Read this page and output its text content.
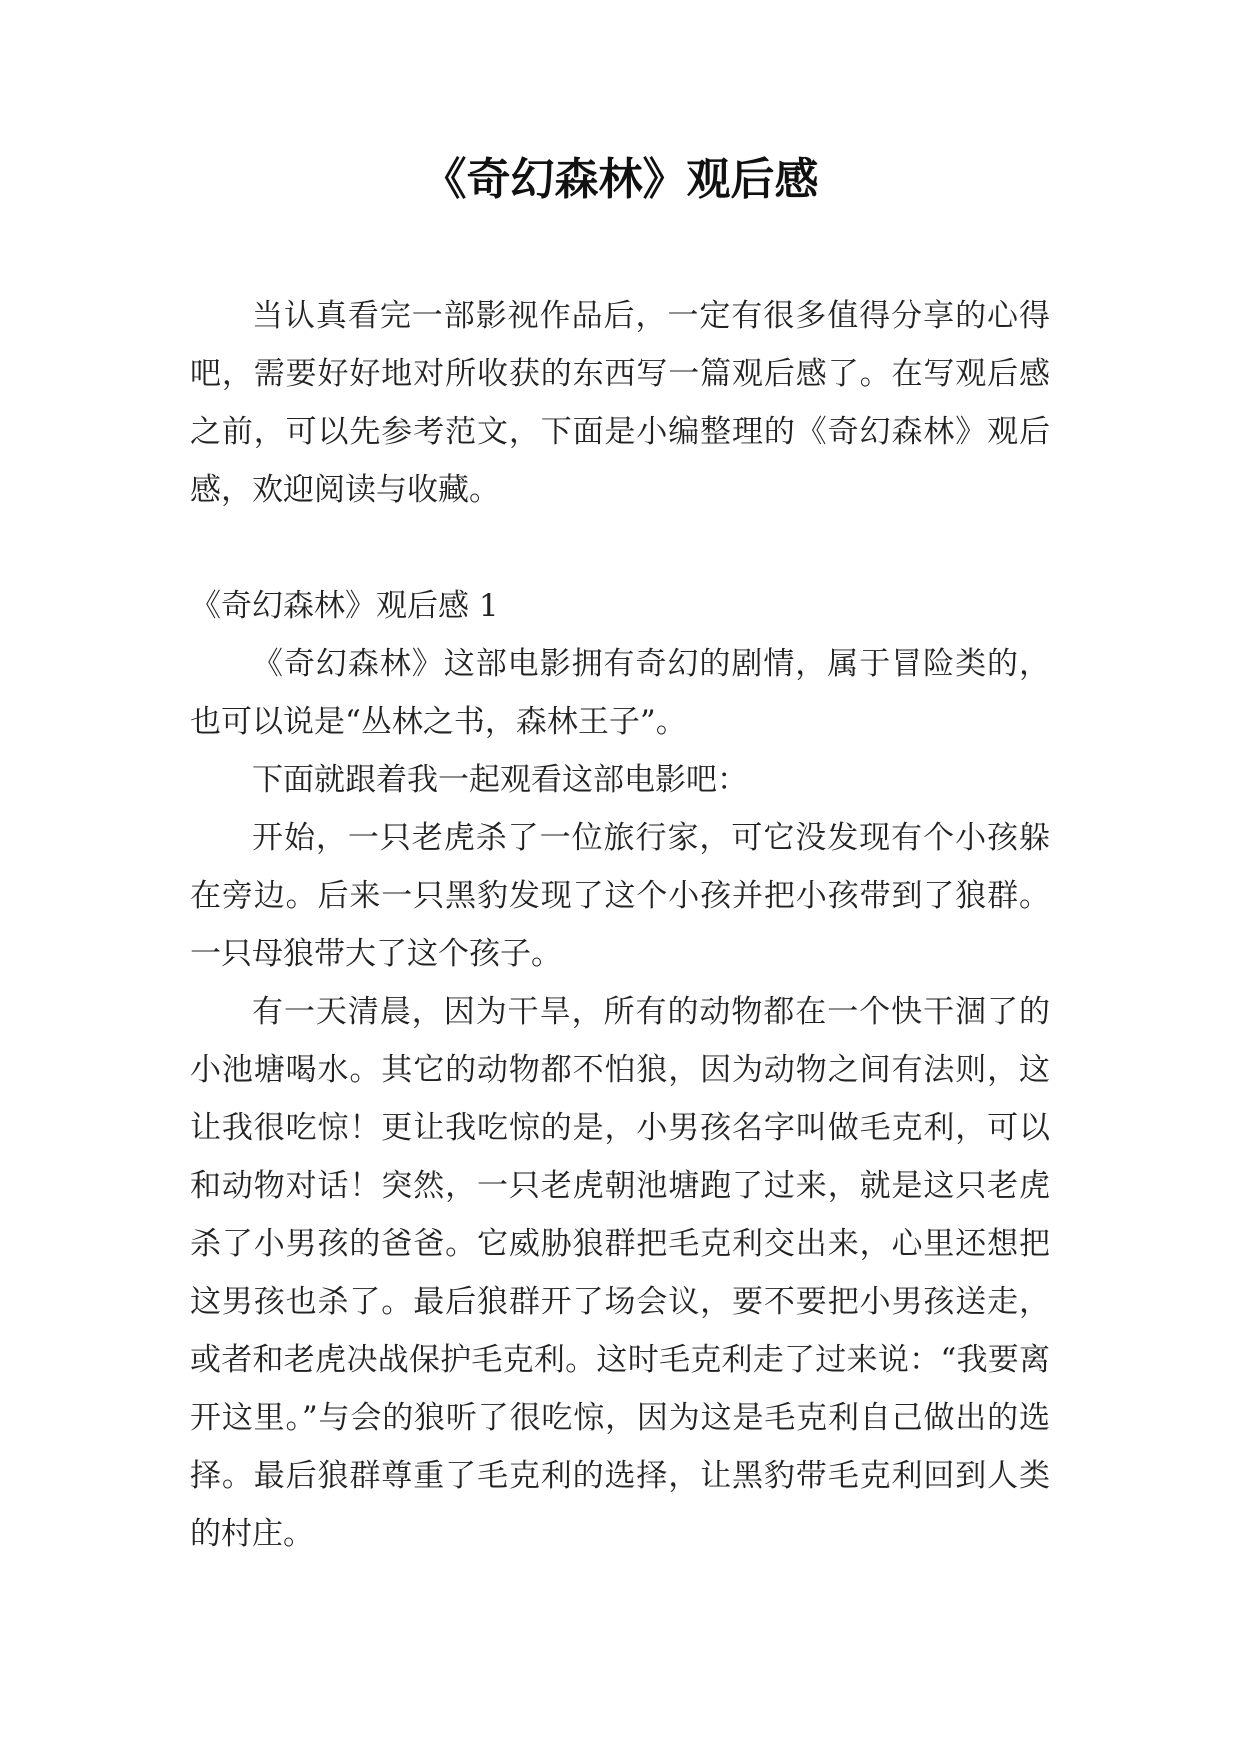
《奇幻森林》观后感

当认真看完一部影视作品后，一定有很多值得分享的心得吧，需要好好地对所收获的东西写一篇观后感了。在写观后感之前，可以先参考范文，下面是小编整理的《奇幻森林》观后感，欢迎阅读与收藏。

《奇幻森林》观后感 1

《奇幻森林》这部电影拥有奇幻的剧情，属于冒险类的，也可以说是“丛林之书，森林王子”。

下面就跟着我一起观看这部电影吧：

开始，一只老虎杀了一位旅行家，可它没发现有个小孩躲在旁边。后来一只黑豹发现了这个小孩并把小孩带到了狼群。一只母狼带大了这个孩子。

有一天清晨，因为干旱，所有的动物都在一个快干涸了的小池塘喝水。其它的动物都不怕狼，因为动物之间有法则，这让我很吃惊！更让我吃惊的是，小男孩名字叫做毛克利，可以和动物对话！突然，一只老虎朝池塘跑了过来，就是这只老虎杀了小男孩的爸爸。它威胁狼群把毛克利交出来，心里还想把这男孩也杀了。最后狼群开了场会议，要不要把小男孩送走，或者和老虎决战保护毛克利。这时毛克利走了过来说：“我要离开这里。”与会的狼听了很吃惊，因为这是毛克利自己做出的选择。最后狼群尊重了毛克利的选择，让黑豹带毛克利回到人类的村庄。
